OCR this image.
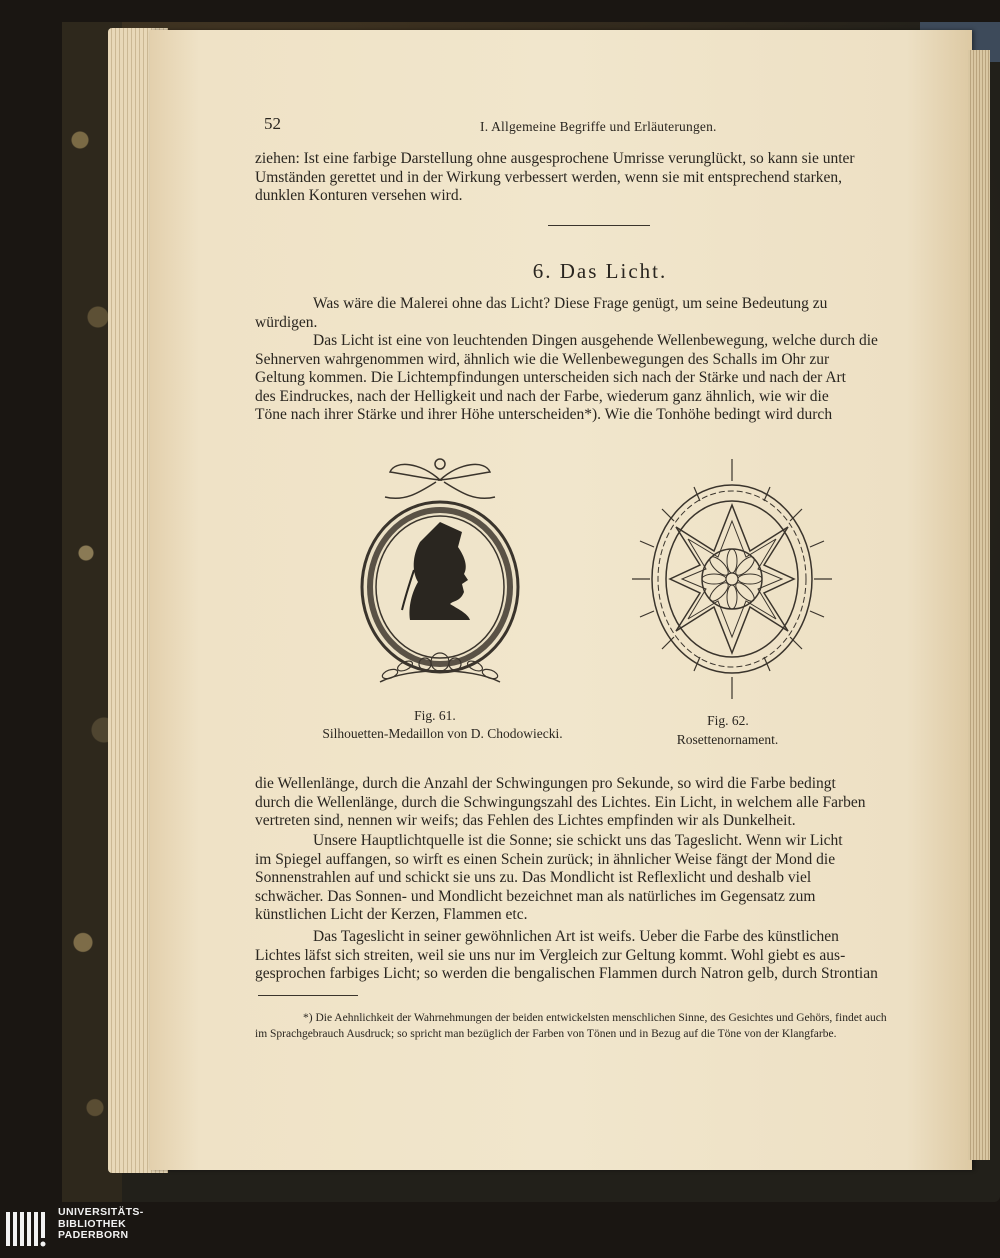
52	I. Allgemeine Begriffe und Erläuterungen.

ziehen: Ist eine farbige Darstellung ohne ausgesprochene Umrisse verunglückt, so kann sie unter

Umständen gerettet und in der Wirkung verbessert werden, wenn sie mit entsprechend starken,

dunklen Konturen versehen wird.

6. Das Licht.

Was wäre die Malerei ohne das Licht? Diese Frage genügt, um seine Bedeutung zu

würdigen.

Das Licht ist eine von leuchtenden Dingen ausgehende Wellenbewegung, welche durch die

Sehnerven wahrgenommen wird, ähnlich wie die Wellenbewegungen des Schalls im Ohr zur

Geltung kommen. Die Lichtempfindungen unterscheiden sich nach der Stärke und nach der Art

des Eindruckes, nach der Helligkeit und nach der Farbe, wiederum ganz ähnlich, wie wir die

Töne nach ihrer Stärke und ihrer Höhe unterscheiden*). Wie die Tonhöhe bedingt wird durch

Fig. 61.
Silhouetten-Medaillon von D. Chodowiecki.
Fig. 62.
Rosettenornament.

die Wellenlänge, durch die Anzahl der Schwingungen pro Sekunde, so wird die Farbe bedingt

durch die Wellenlänge, durch die Schwingungszahl des Lichtes. Ein Licht, in welchem alle Farben

vertreten sind, nennen wir weifs; das Fehlen des Lichtes empfinden wir als Dunkelheit.

Unsere Hauptlichtquelle ist die Sonne; sie schickt uns das Tageslicht. Wenn wir Licht

im Spiegel auffangen, so wirft es einen Schein zurück; in ähnlicher Weise fängt der Mond die

Sonnenstrahlen auf und schickt sie uns zu. Das Mondlicht ist Reflexlicht und deshalb viel

schwächer. Das Sonnen- und Mondlicht bezeichnet man als natürliches im Gegensatz zum

künstlichen Licht der Kerzen, Flammen etc.

Das Tageslicht in seiner gewöhnlichen Art ist weifs. Ueber die Farbe des künstlichen

Lichtes läfst sich streiten, weil sie uns nur im Vergleich zur Geltung kommt. Wohl giebt es aus-

gesprochen farbiges Licht; so werden die bengalischen Flammen durch Natron gelb, durch Strontian

*) Die Aehnlichkeit der Wahrnehmungen der beiden entwickelsten menschlichen Sinne, des Gesichtes und Gehörs, findet auch

im Sprachgebrauch Ausdruck; so spricht man bezüglich der Farben von Tönen und in Bezug auf die Töne von der Klangfarbe.

UNIVERSITÄTS-
BIBLIOTHEK
PADERBORN
